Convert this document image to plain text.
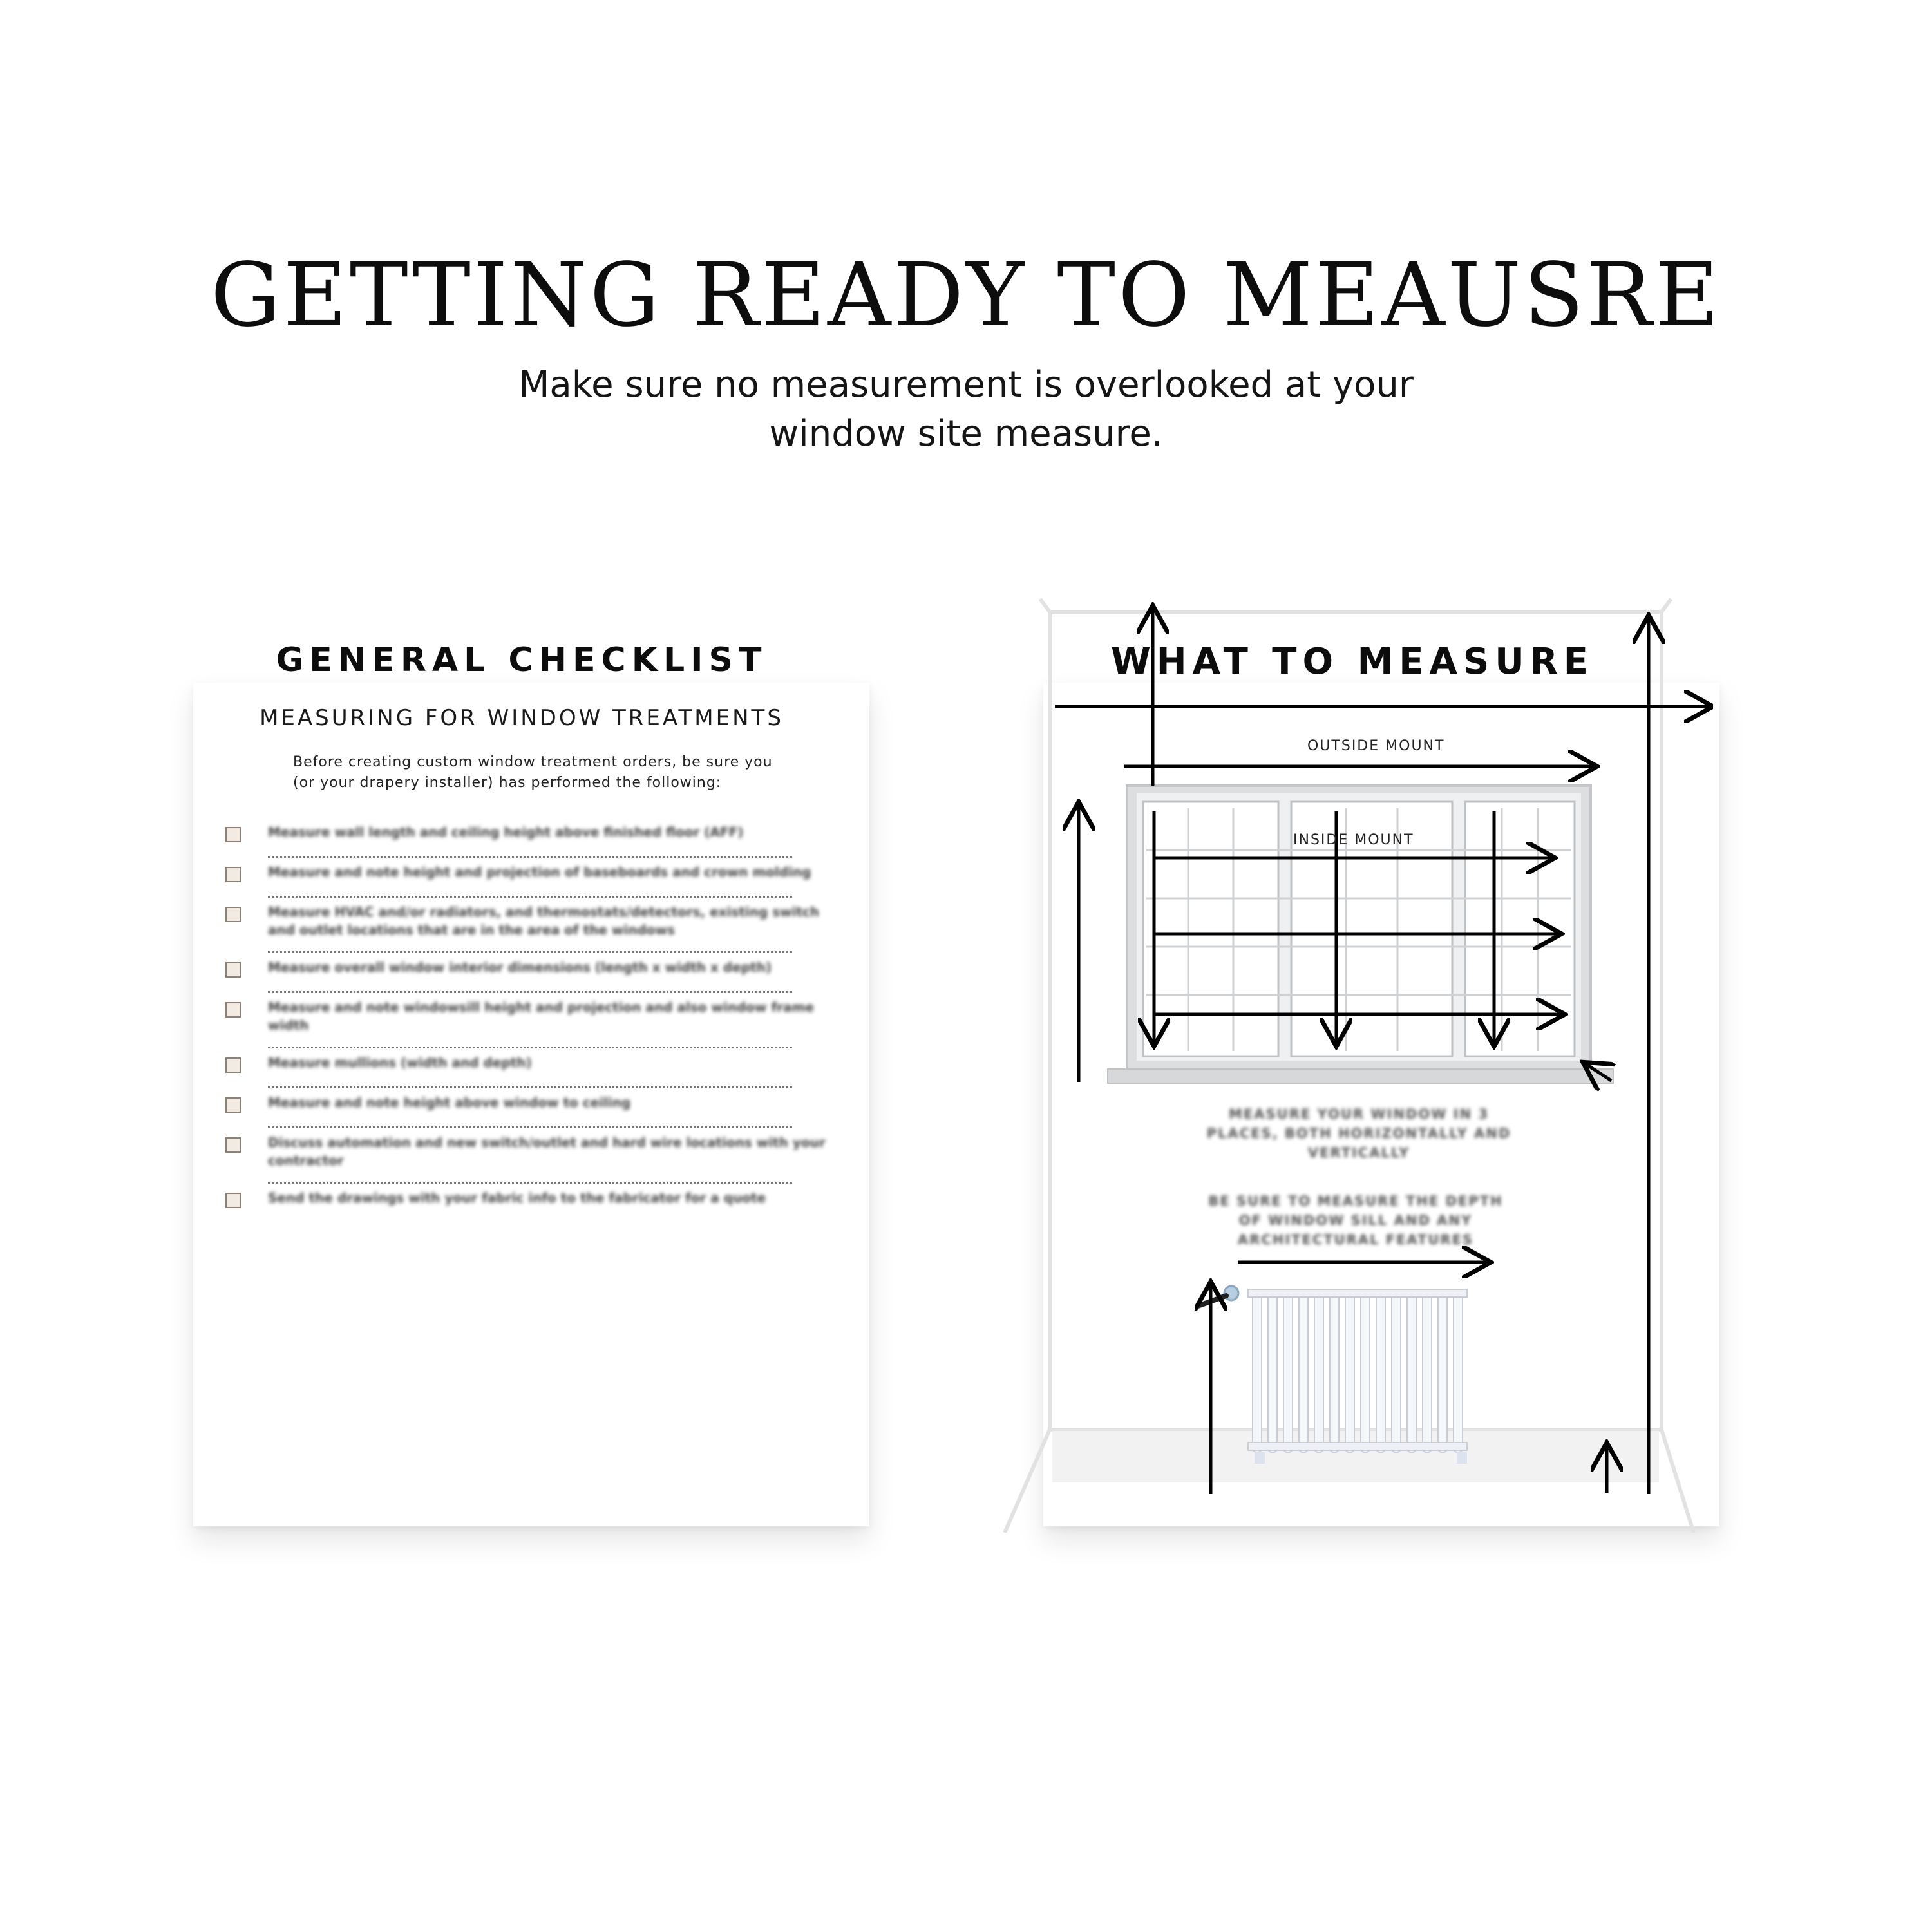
GETTING READY TO MEAUSRE
Make sure no measurement is overlooked at your window site measure.
GENERAL CHECKLIST
MEASURING FOR WINDOW TREATMENTS
Before creating custom window treatment orders, be sure you (or your drapery installer) has performed the following:
Measure wall length and ceiling height above finished floor (AFF)
Measure and note height and projection of baseboards and crown molding
Measure HVAC and/or radiators, and thermostats/detectors, existing switch and outlet locations that are in the area of the windows
Measure overall window interior dimensions (length x width x depth)
Measure and note windowsill height and projection and also window frame width
Measure mullions (width and depth)
Measure and note height above window to ceiling
Discuss automation and new switch/outlet and hard wire locations with your contractor
Send the drawings with your fabric info to the fabricator for a quote
WHAT TO MEASURE
OUTSIDE MOUNT
INSIDE MOUNT
MEASURE YOUR WINDOW IN 3 PLACES, BOTH HORIZONTALLY AND VERTICALLY
BE SURE TO MEASURE THE DEPTH OF WINDOW SILL AND ANY ARCHITECTURAL FEATURES
